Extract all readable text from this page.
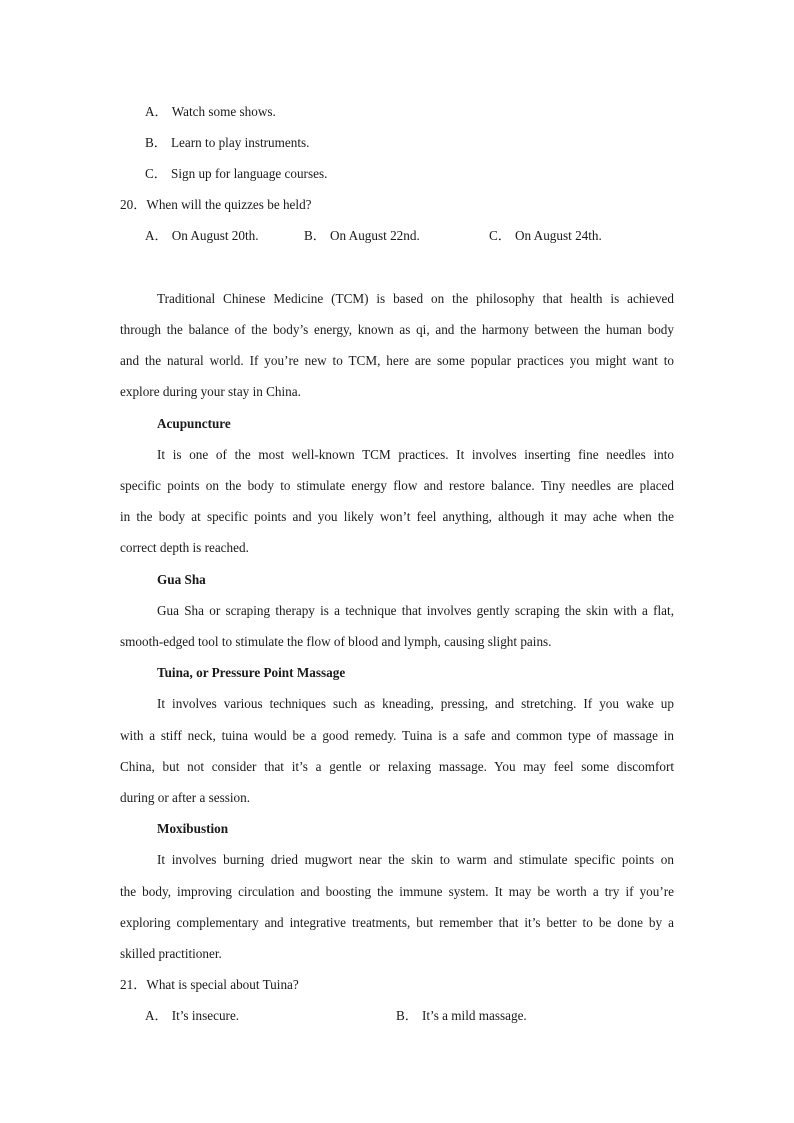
A． Watch some shows.
B． Learn to play instruments.
C． Sign up for language courses.
20．When will the quizzes be held?
A． On August 20th.	B． On August 22nd.	C． On August 24th.
Traditional Chinese Medicine (TCM) is based on the philosophy that health is achieved
through the balance of the body’s energy, known as qi, and the harmony between the human body
and the natural world. If you’re new to TCM, here are some popular practices you might want to
explore during your stay in China.
Acupuncture
It is one of the most well-known TCM practices. It involves inserting fine needles into
specific points on the body to stimulate energy flow and restore balance. Tiny needles are placed
in the body at specific points and you likely won’t feel anything, although it may ache when the
correct depth is reached.
Gua Sha
Gua Sha or scraping therapy is a technique that involves gently scraping the skin with a flat,
smooth-edged tool to stimulate the flow of blood and lymph, causing slight pains.
Tuina, or Pressure Point Massage
It involves various techniques such as kneading, pressing, and stretching. If you wake up
with a stiff neck, tuina would be a good remedy. Tuina is a safe and common type of massage in
China, but not consider that it’s a gentle or relaxing massage. You may feel some discomfort
during or after a session.
Moxibustion
It involves burning dried mugwort near the skin to warm and stimulate specific points on
the body, improving circulation and boosting the immune system. It may be worth a try if you’re
exploring complementary and integrative treatments, but remember that it’s better to be done by a
skilled practitioner.
21．What is special about Tuina?
A． It’s insecure.	B． It’s a mild massage.
